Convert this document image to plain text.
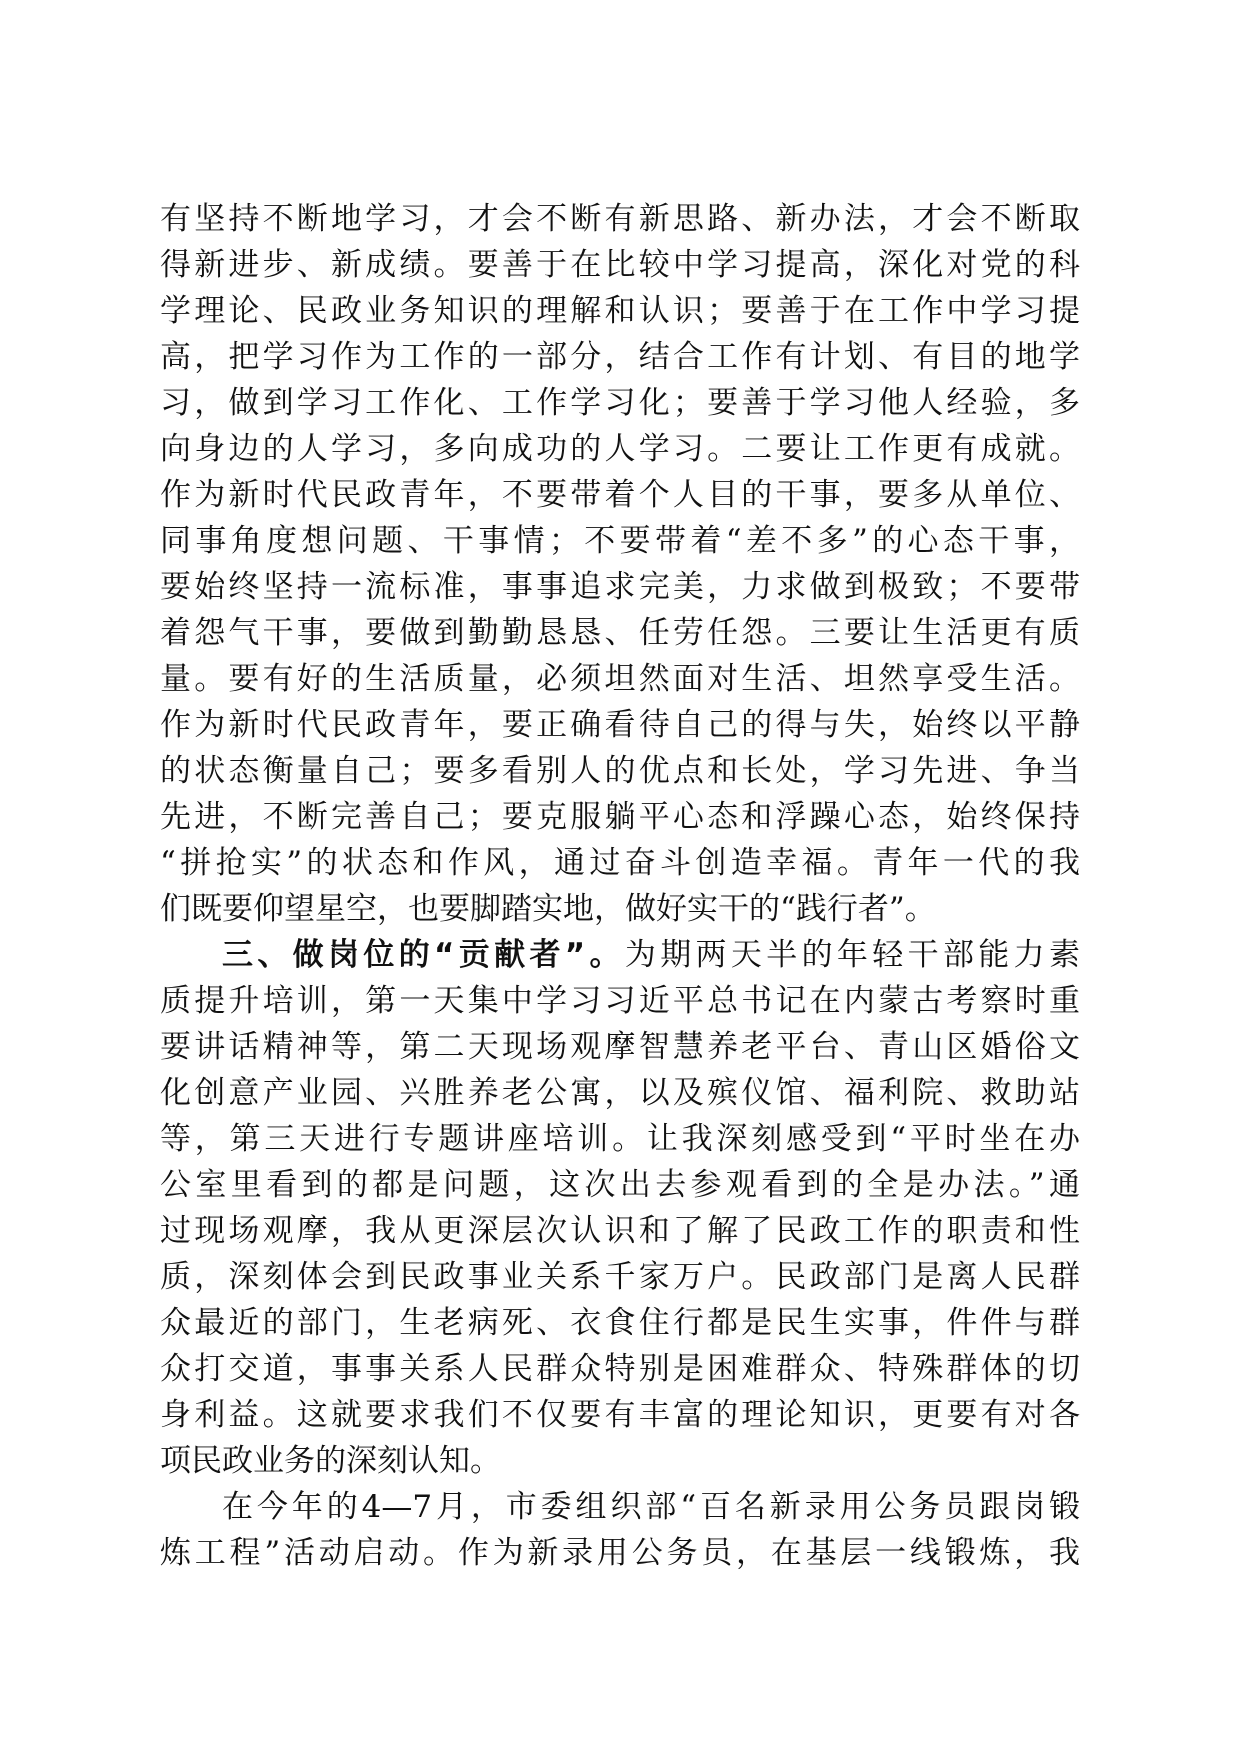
有坚持不断地学习，才会不断有新思路、新办法，才会不断取
得新进步、新成绩。要善于在比较中学习提高，深化对党的科
学理论、民政业务知识的理解和认识；要善于在工作中学习提
高，把学习作为工作的一部分，结合工作有计划、有目的地学
习，做到学习工作化、工作学习化；要善于学习他人经验，多
向身边的人学习，多向成功的人学习。二要让工作更有成就。
作为新时代民政青年，不要带着个人目的干事，要多从单位、
同事角度想问题、干事情；不要带着“差不多”的心态干事，
要始终坚持一流标准，事事追求完美，力求做到极致；不要带
着怨气干事，要做到勤勤恳恳、任劳任怨。三要让生活更有质
量。要有好的生活质量，必须坦然面对生活、坦然享受生活。
作为新时代民政青年，要正确看待自己的得与失，始终以平静
的状态衡量自己；要多看别人的优点和长处，学习先进、争当
先进，不断完善自己；要克服躺平心态和浮躁心态，始终保持
“拼抢实”的状态和作风，通过奋斗创造幸福。青年一代的我
们既要仰望星空，也要脚踏实地，做好实干的“践行者”。
三、做岗位的“贡献者”。为期两天半的年轻干部能力素
质提升培训，第一天集中学习习近平总书记在内蒙古考察时重
要讲话精神等，第二天现场观摩智慧养老平台、青山区婚俗文
化创意产业园、兴胜养老公寓，以及殡仪馆、福利院、救助站
等，第三天进行专题讲座培训。让我深刻感受到“平时坐在办
公室里看到的都是问题，这次出去参观看到的全是办法。”通
过现场观摩，我从更深层次认识和了解了民政工作的职责和性
质，深刻体会到民政事业关系千家万户。民政部门是离人民群
众最近的部门，生老病死、衣食住行都是民生实事，件件与群
众打交道，事事关系人民群众特别是困难群众、特殊群体的切
身利益。这就要求我们不仅要有丰富的理论知识，更要有对各
项民政业务的深刻认知。
在今年的4—7月，市委组织部“百名新录用公务员跟岗锻
炼工程”活动启动。作为新录用公务员，在基层一线锻炼，我
